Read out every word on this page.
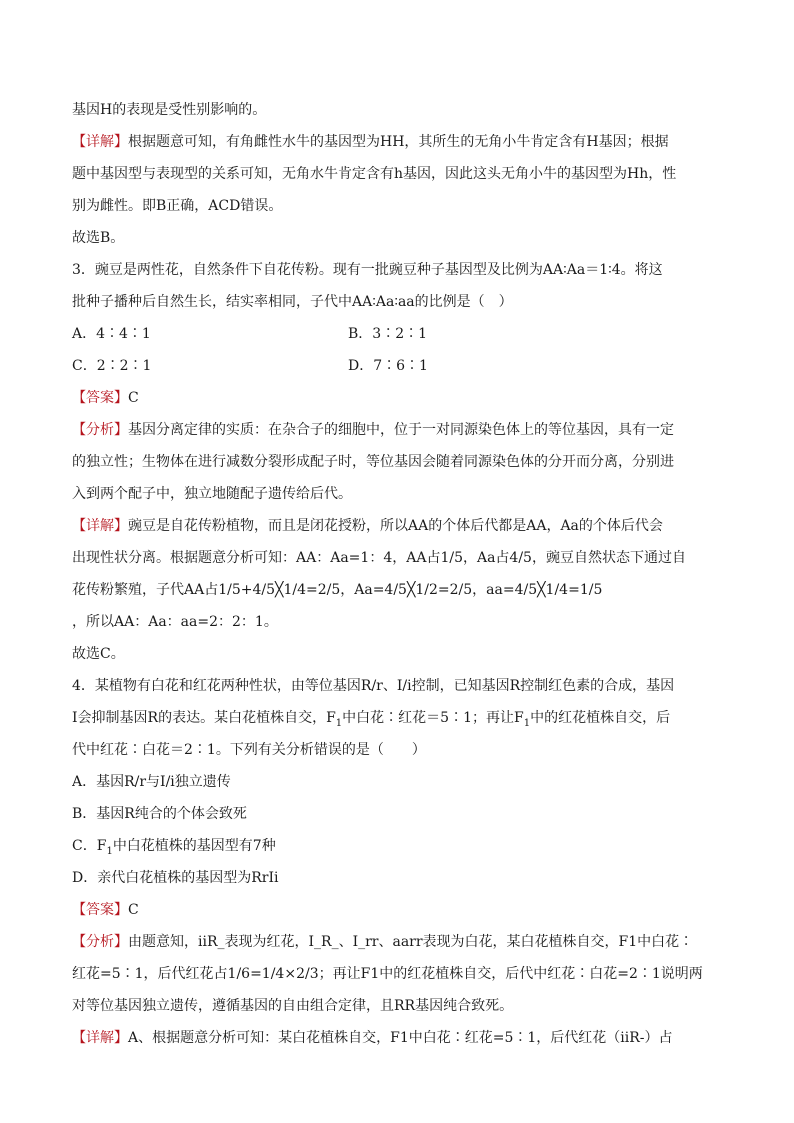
基因H的表现是受性别影响的。
【详解】根据题意可知，有角雌性水牛的基因型为HH，其所生的无角小牛肯定含有H基因；根据
题中基因型与表现型的关系可知，无角水牛肯定含有h基因，因此这头无角小牛的基因型为Hh，性
别为雌性。即B正确，ACD错误。
故选B。
3．豌豆是两性花，自然条件下自花传粉。现有一批豌豆种子基因型及比例为AA∶Aa＝1∶4。将这
批种子播种后自然生长，结实率相同，子代中AA∶Aa∶aa的比例是（　）
A．4∶4∶1	B．3∶2∶1
C．2∶2∶1	D．7∶6∶1
【答案】C
【分析】基因分离定律的实质：在杂合子的细胞中，位于一对同源染色体上的等位基因，具有一定
的独立性；生物体在进行减数分裂形成配子时，等位基因会随着同源染色体的分开而分离，分别进
入到两个配子中，独立地随配子遗传给后代。
【详解】豌豆是自花传粉植物，而且是闭花授粉，所以AA的个体后代都是AA，Aa的个体后代会
出现性状分离。根据题意分析可知：AA：Aa=1：4，AA占1/5，Aa占4/5，豌豆自然状态下通过自
花传粉繁殖，子代AA占1/5+4/5╳1/4=2/5，Aa=4/5╳1/2=2/5，aa=4/5╳1/4=1/5
，所以AA：Aa：aa=2：2：1。
故选C。
4．某植物有白花和红花两种性状，由等位基因R/r、I/i控制，已知基因R控制红色素的合成，基因
I会抑制基因R的表达。某白花植株自交，$F_1$中白花∶红花＝5∶1；再让$F_1$中的红花植株自交，后
代中红花∶白花＝2∶1。下列有关分析错误的是（　　）
A．基因R/r与I/i独立遗传
B．基因R纯合的个体会致死
C．$F_1$中白花植株的基因型有7种
D．亲代白花植株的基因型为RrIi
【答案】C
【分析】由题意知，iiR_表现为红花，I_R_、I_rr、aarr表现为白花，某白花植株自交，F1中白花∶
红花=5∶1，后代红花占1/6=1/4×2/3；再让F1中的红花植株自交，后代中红花∶白花=2∶1说明两
对等位基因独立遗传，遵循基因的自由组合定律，且RR基因纯合致死。
【详解】A、根据题意分析可知：某白花植株自交，F1中白花∶红花=5∶1，后代红花（iiR-）占
